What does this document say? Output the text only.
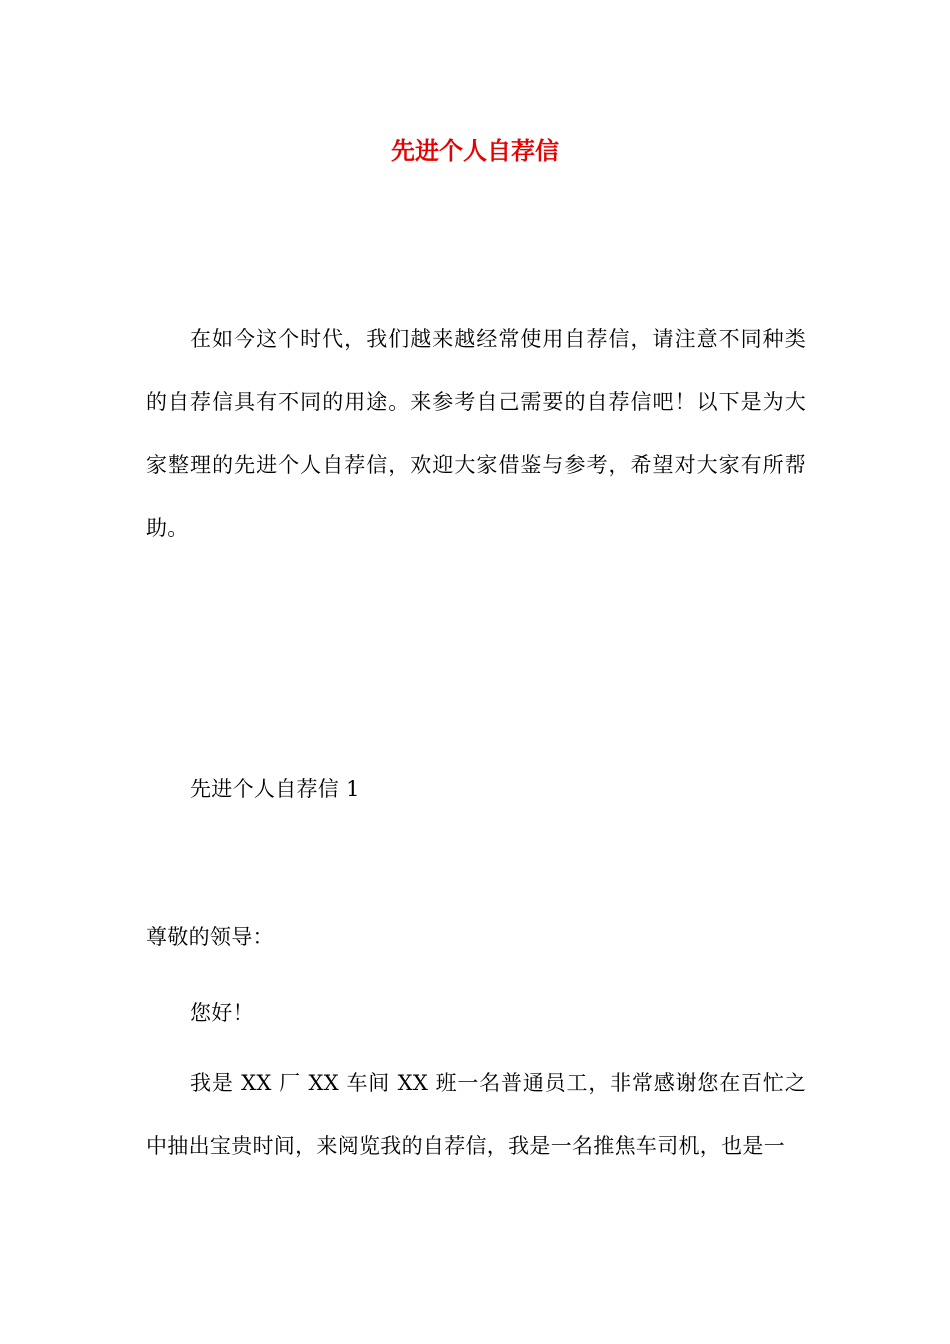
先进个人自荐信

在如今这个时代，我们越来越经常使用自荐信，请注意不同种类的自荐信具有不同的用途。来参考自己需要的自荐信吧！以下是为大家整理的先进个人自荐信，欢迎大家借鉴与参考，希望对大家有所帮助。

先进个人自荐信 1

尊敬的领导：

您好！

我是 XX 厂 XX 车间 XX 班一名普通员工，非常感谢您在百忙之中抽出宝贵时间，来阅览我的自荐信，我是一名推焦车司机，也是一
